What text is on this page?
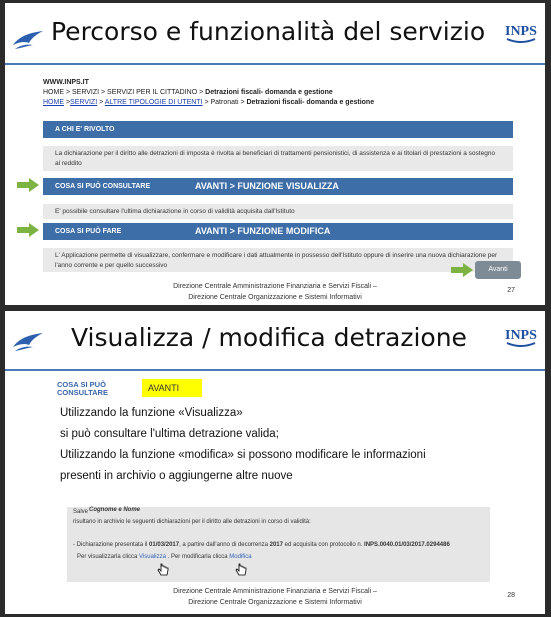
Percorso e funzionalità del servizio INPS
WWW.INPS.IT
HOME > SERVIZI > SERVIZI PER IL CITTADINO > Detrazioni fiscali- domanda e gestione
HOME >SERVIZI > ALTRE TIPOLOGIE DI UTENTI > Patronati > Detrazioni fiscali- domanda e gestione
A CHI E' RIVOLTO
La dichiarazione per il diritto alle detrazioni di imposta è rivolta ai beneficiari di trattamenti pensionistici, di assistenza e ai titolari di prestazioni a sostegno al reddito
COSA SI PUÒ CONSULTARE	AVANTI > FUNZIONE VISUALIZZA
E' possibile consultare l'ultima dichiarazione in corso di validità acquisita dall'Istituto
COSA SI PUÒ FARE	AVANTI > FUNZIONE MODIFICA
L' Applicazione permette di visualizzare, confermare e modificare i dati attualmente in possesso dell'Istituto oppure di inserire una nuova dichiarazione per l'anno corrente e per quello successivo
Avanti
Direzione Centrale Amministrazione Finanziaria e Servizi Fiscali –
Direzione Centrale Organizzazione e Sistemi Informativi
27
Visualizza / modifica detrazione	INPS
COSA SI PUÒ
CONSULTARE	AVANTI
Utilizzando la funzione «Visualizza»
si può consultare l'ultima detrazione valida;
Utilizzando la funzione «modifica» si possono modificare le informazioni
presenti in archivio o aggiungerne altre nuove
Salve Cognome e Nome
risultano in archivio le seguenti dichiarazioni per il diritto alle detrazioni in corso di validità:
- Dichiarazione presentata il 01/03/2017, a partire dall'anno di decorrenza 2017 ed acquisita con protocollo n. INPS.0040.01/03/2017.0294486
Per visualizzarla clicca Visualizza . Per modificarla clicca Modifica
Direzione Centrale Amministrazione Finanziaria e Servizi Fiscali –
Direzione Centrale Organizzazione e Sistemi Informativi
28
